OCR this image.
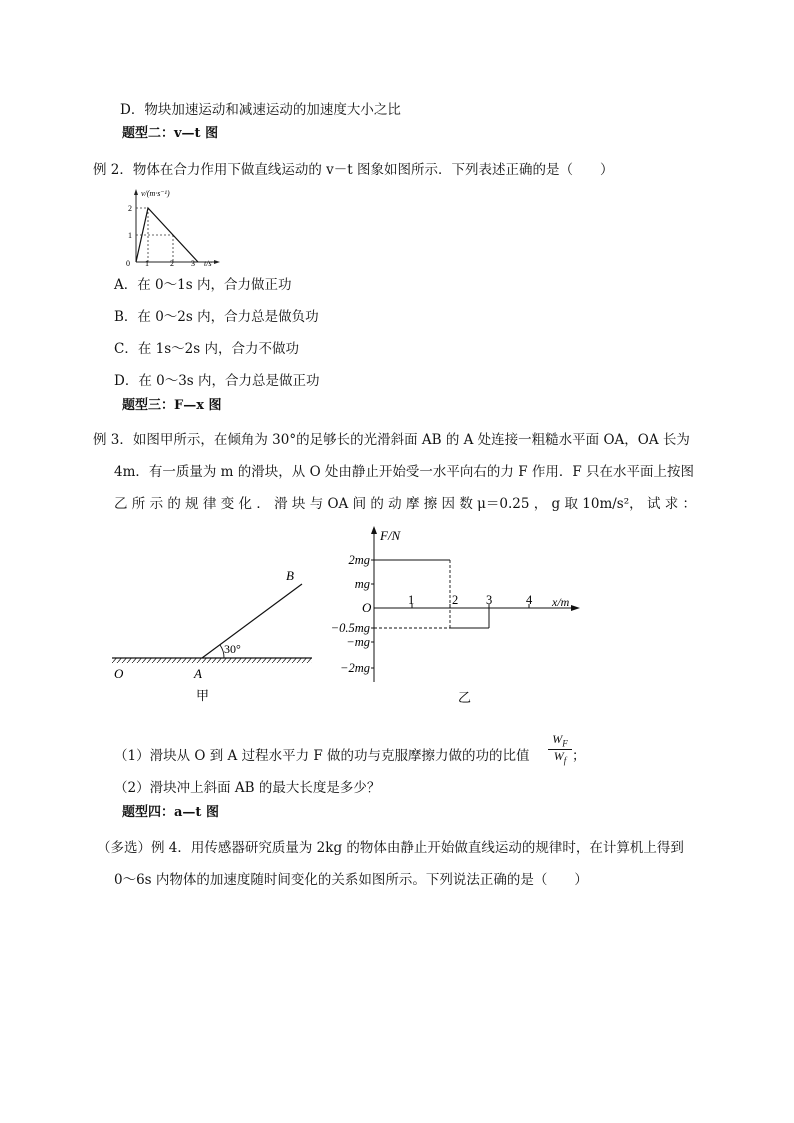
D．物块加速运动和减速运动的加速度大小之比
题型二：v—t 图
例 2．物体在合力作用下做直线运动的 v－t 图象如图所示．下列表述正确的是（　　）
v/(m·s⁻¹)
t/s
0
2
1
1	2 3
A．在 0～1s 内，合力做正功
B．在 0～2s 内，合力总是做负功
C．在 1s～2s 内，合力不做功
D．在 0～3s 内，合力总是做正功
题型三：F—x 图
例 3．如图甲所示，在倾角为 30°的足够长的光滑斜面 AB 的 A 处连接一粗糙水平面 OA，OA 长为
4m．有一质量为 m 的滑块，从 O 处由静止开始受一水平向右的力 F 作用．F 只在水平面上按图
乙 所 示 的 规 律 变 化 ． 滑 块 与 OA 间 的 动 摩 擦 因 数 μ＝0.25 ， g 取 10m/s²， 试 求 ：
B
A
O
30°
甲
F/N
x/m
O
2mg
mg
−0.5mg
−mg
−2mg
1	2 3	4
乙
（1）滑块从 O 到 A 过程水平力 F 做的功与克服摩擦力做的功的比值
$\frac{W_F}{W_f}$
；
（2）滑块冲上斜面 AB 的最大长度是多少？
题型四：a—t 图
（多选）例 4．用传感器研究质量为 2kg 的物体由静止开始做直线运动的规律时，在计算机上得到
0～6s 内物体的加速度随时间变化的关系如图所示。下列说法正确的是（　　）
